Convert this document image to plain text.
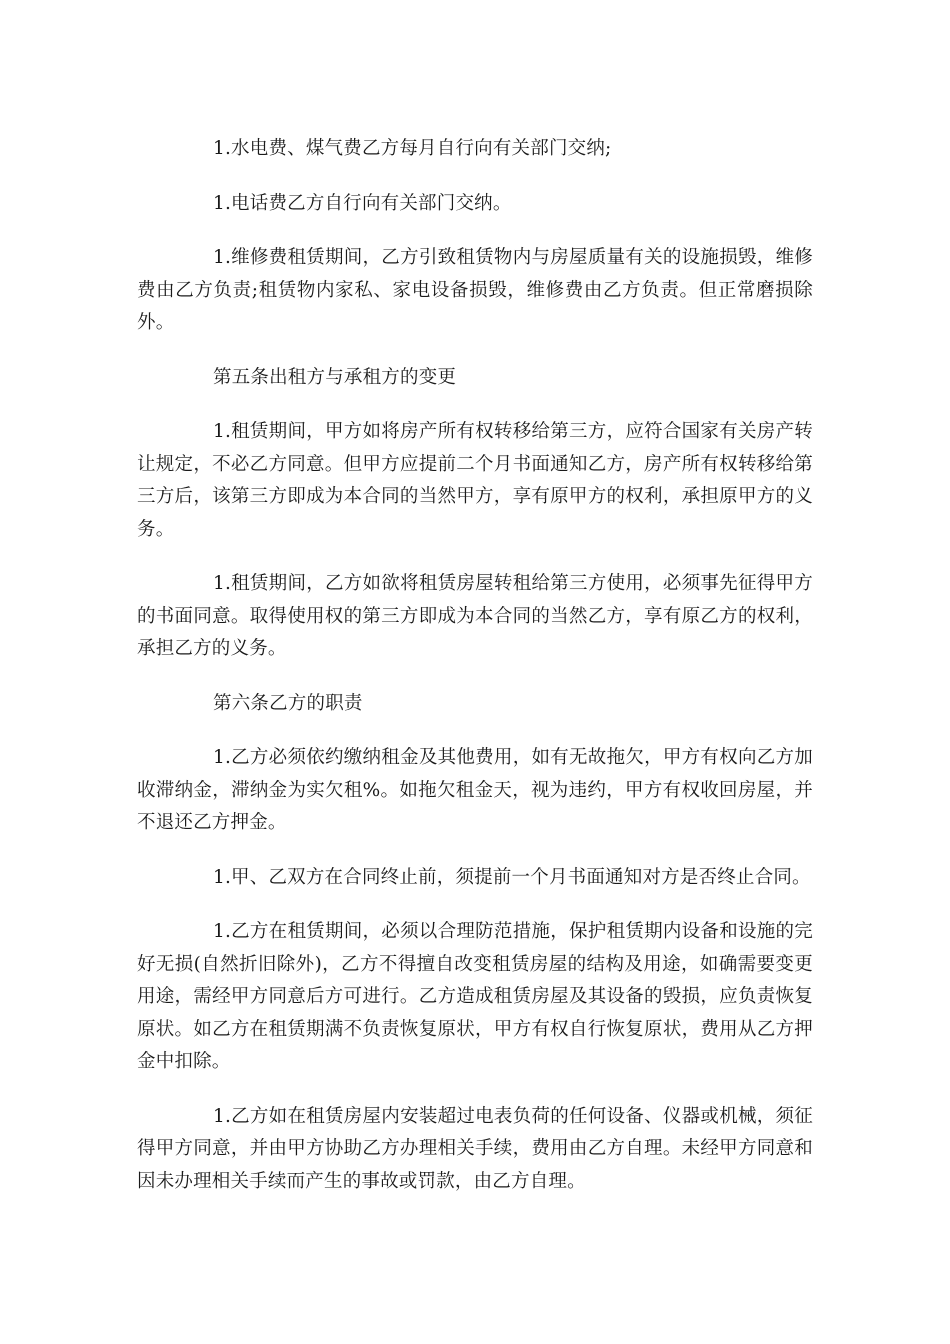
1.水电费、煤气费乙方每月自行向有关部门交纳;

1.电话费乙方自行向有关部门交纳。

1.维修费租赁期间，乙方引致租赁物内与房屋质量有关的设施损毁，维修费由乙方负责;租赁物内家私、家电设备损毁，维修费由乙方负责。但正常磨损除外。

第五条出租方与承租方的变更

1.租赁期间，甲方如将房产所有权转移给第三方，应符合国家有关房产转让规定，不必乙方同意。但甲方应提前二个月书面通知乙方，房产所有权转移给第三方后，该第三方即成为本合同的当然甲方，享有原甲方的权利，承担原甲方的义务。

1.租赁期间，乙方如欲将租赁房屋转租给第三方使用，必须事先征得甲方的书面同意。取得使用权的第三方即成为本合同的当然乙方，享有原乙方的权利，承担乙方的义务。

第六条乙方的职责

1.乙方必须依约缴纳租金及其他费用，如有无故拖欠，甲方有权向乙方加收滞纳金，滞纳金为实欠租%。如拖欠租金天，视为违约，甲方有权收回房屋，并不退还乙方押金。

1.甲、乙双方在合同终止前，须提前一个月书面通知对方是否终止合同。

1.乙方在租赁期间，必须以合理防范措施，保护租赁期内设备和设施的完好无损(自然折旧除外)，乙方不得擅自改变租赁房屋的结构及用途，如确需要变更用途，需经甲方同意后方可进行。乙方造成租赁房屋及其设备的毁损，应负责恢复原状。如乙方在租赁期满不负责恢复原状，甲方有权自行恢复原状，费用从乙方押金中扣除。

1.乙方如在租赁房屋内安装超过电表负荷的任何设备、仪器或机械，须征得甲方同意，并由甲方协助乙方办理相关手续，费用由乙方自理。未经甲方同意和因未办理相关手续而产生的事故或罚款，由乙方自理。
